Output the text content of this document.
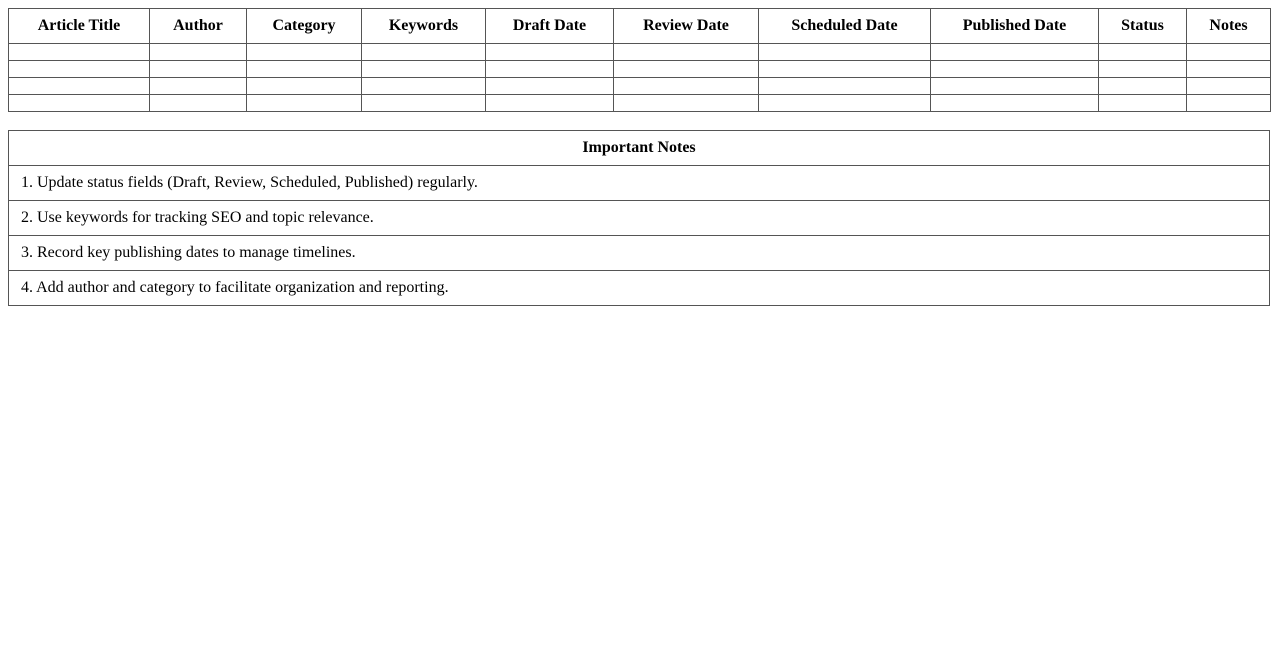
Article Title	Author	Category	Keywords	Draft Date	Review Date	Scheduled Date	Published Date	Status	Notes

Important Notes
1. Update status fields (Draft, Review, Scheduled, Published) regularly.
2. Use keywords for tracking SEO and topic relevance.
3. Record key publishing dates to manage timelines.
4. Add author and category to facilitate organization and reporting.
